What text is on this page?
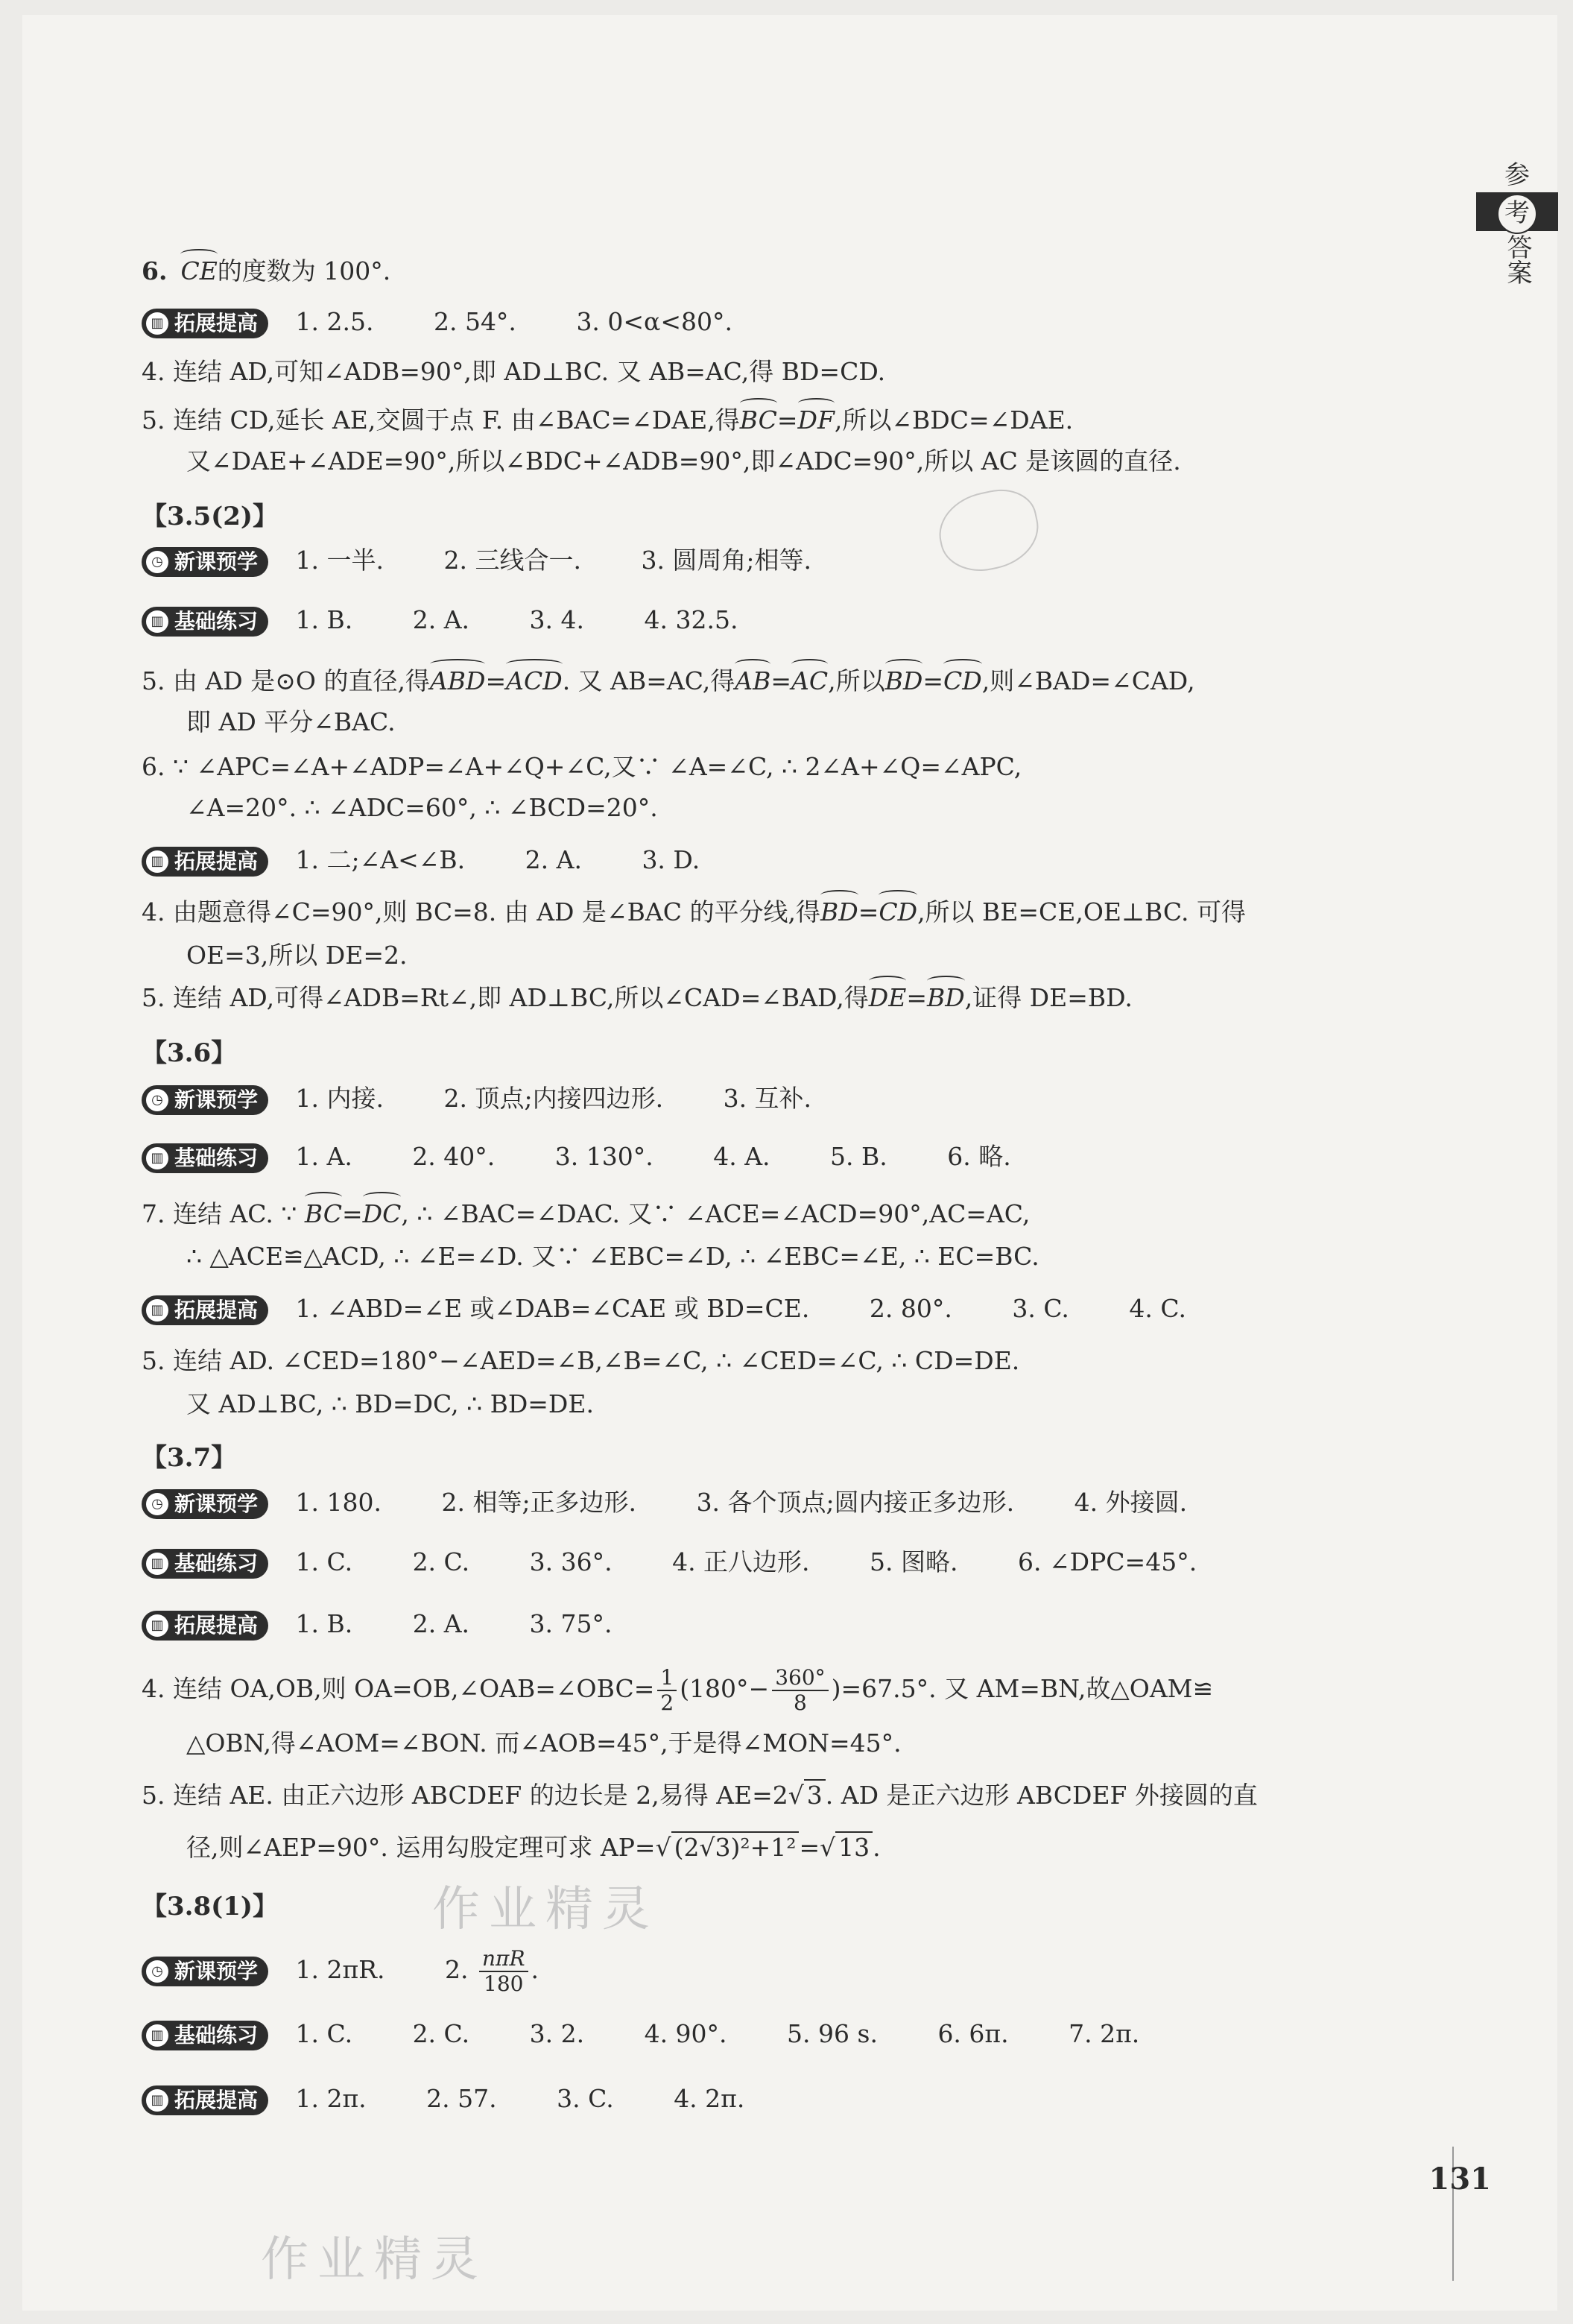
参
考
答案
6. CE的度数为 100°.
▥ 拓展提高 1. 2.5. 2. 54°. 3. 0<α<80°.
4. 连结 AD,可知∠ADB=90°,即 AD⊥BC. 又 AB=AC,得 BD=CD.
5. 连结 CD,延长 AE,交圆于点 F. 由∠BAC=∠DAE,得BC=DF,所以∠BDC=∠DAE.
又∠DAE+∠ADE=90°,所以∠BDC+∠ADB=90°,即∠ADC=90°,所以 AC 是该圆的直径.
【3.5(2)】
◷ 新课预学 1. 一半. 2. 三线合一. 3. 圆周角;相等.
▥ 基础练习 1. B. 2. A. 3. 4. 4. 32.5.
5. 由 AD 是⊙O 的直径,得ABD=ACD. 又 AB=AC,得AB=AC,所以BD=CD,则∠BAD=∠CAD,
即 AD 平分∠BAC.
6. ∵ ∠APC=∠A+∠ADP=∠A+∠Q+∠C,又∵ ∠A=∠C, ∴ 2∠A+∠Q=∠APC,
∠A=20°. ∴ ∠ADC=60°, ∴ ∠BCD=20°.
▥ 拓展提高 1. 二;∠A<∠B. 2. A. 3. D.
4. 由题意得∠C=90°,则 BC=8. 由 AD 是∠BAC 的平分线,得BD=CD,所以 BE=CE,OE⊥BC. 可得
OE=3,所以 DE=2.
5. 连结 AD,可得∠ADB=Rt∠,即 AD⊥BC,所以∠CAD=∠BAD,得DE=BD,证得 DE=BD.
【3.6】
◷ 新课预学 1. 内接. 2. 顶点;内接四边形. 3. 互补.
▥ 基础练习 1. A. 2. 40°. 3. 130°. 4. A. 5. B. 6. 略.
7. 连结 AC. ∵ BC=DC, ∴ ∠BAC=∠DAC. 又∵ ∠ACE=∠ACD=90°,AC=AC,
∴ △ACE≌△ACD, ∴ ∠E=∠D. 又∵ ∠EBC=∠D, ∴ ∠EBC=∠E, ∴ EC=BC.
▥ 拓展提高 1. ∠ABD=∠E 或∠DAB=∠CAE 或 BD=CE. 2. 80°. 3. C. 4. C.
5. 连结 AD. ∠CED=180°−∠AED=∠B,∠B=∠C, ∴ ∠CED=∠C, ∴ CD=DE.
又 AD⊥BC, ∴ BD=DC, ∴ BD=DE.
【3.7】
◷ 新课预学 1. 180. 2. 相等;正多边形. 3. 各个顶点;圆内接正多边形. 4. 外接圆.
▥ 基础练习 1. C. 2. C. 3. 36°. 4. 正八边形. 5. 图略. 6. ∠DPC=45°.
▥ 拓展提高 1. B. 2. A. 3. 75°.
4. 连结 OA,OB,则 OA=OB,∠OAB=∠OBC= $\frac{1}{2} (180^\circ- \frac{360^\circ}{8} )=67.5^\circ$. 又 AM=BN,故△OAM≌
△OBN,得∠AOM=∠BON. 而∠AOB=45°,于是得∠MON=45°.
5. 连结 AE. 由正六边形 ABCDEF 的边长是 2,易得 AE=2√ 3 . AD 是正六边形 ABCDEF 外接圆的直
径,则∠AEP=90°. 运用勾股定理可求 AP=√ (2√3)²+1² =√ 13 .
【3.8(1)】
◷ 新课预学 1. 2πR. 2. $\frac{\text{nπR}}{180}$ .
▥ 基础练习 1. C. 2. C. 3. 2. 4. 90°. 5. 96 s. 6. 6π. 7. 2π.
▥ 拓展提高 1. 2π. 2. 57. 3. C. 4. 2π.
作业精灵
作业精灵
131
